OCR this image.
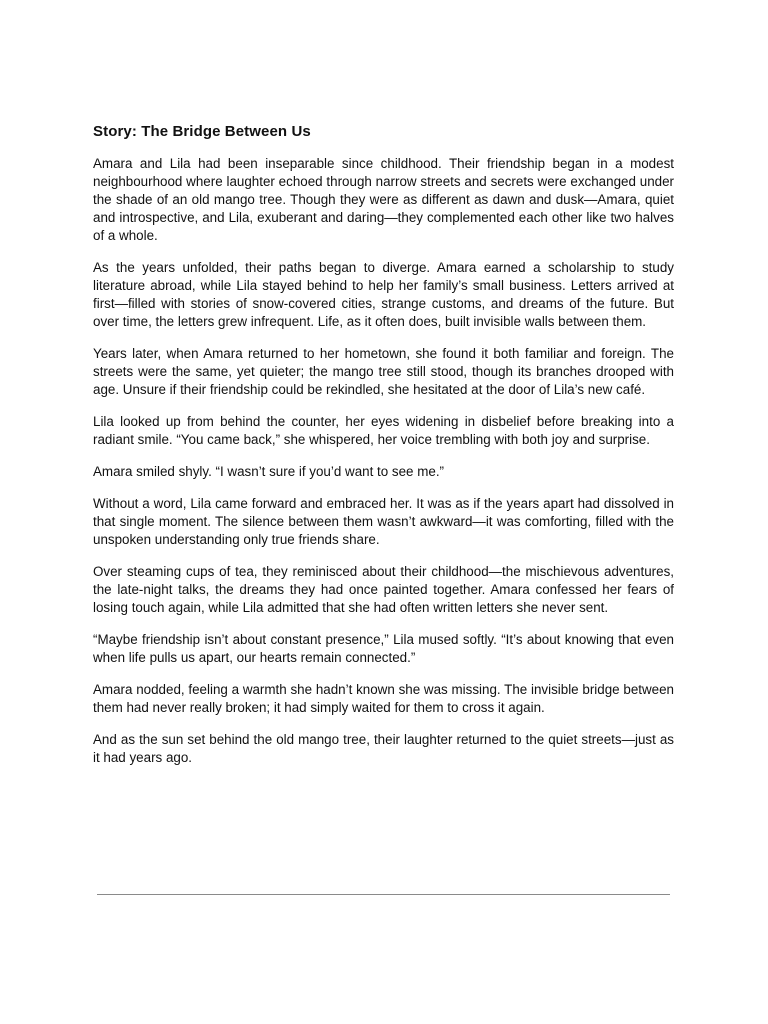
Story: The Bridge Between Us

Amara and Lila had been inseparable since childhood. Their friendship began in a modest neighbourhood where laughter echoed through narrow streets and secrets were exchanged under the shade of an old mango tree. Though they were as different as dawn and dusk—Amara, quiet and introspective, and Lila, exuberant and daring—they complemented each other like two halves of a whole.

As the years unfolded, their paths began to diverge. Amara earned a scholarship to study literature abroad, while Lila stayed behind to help her family’s small business. Letters arrived at first—filled with stories of snow-covered cities, strange customs, and dreams of the future. But over time, the letters grew infrequent. Life, as it often does, built invisible walls between them.

Years later, when Amara returned to her hometown, she found it both familiar and foreign. The streets were the same, yet quieter; the mango tree still stood, though its branches drooped with age. Unsure if their friendship could be rekindled, she hesitated at the door of Lila’s new café.

Lila looked up from behind the counter, her eyes widening in disbelief before breaking into a radiant smile. “You came back,” she whispered, her voice trembling with both joy and surprise.

Amara smiled shyly. “I wasn’t sure if you’d want to see me.”

Without a word, Lila came forward and embraced her. It was as if the years apart had dissolved in that single moment. The silence between them wasn’t awkward—it was comforting, filled with the unspoken understanding only true friends share.

Over steaming cups of tea, they reminisced about their childhood—the mischievous adventures, the late-night talks, the dreams they had once painted together. Amara confessed her fears of losing touch again, while Lila admitted that she had often written letters she never sent.

“Maybe friendship isn’t about constant presence,” Lila mused softly. “It’s about knowing that even when life pulls us apart, our hearts remain connected.”

Amara nodded, feeling a warmth she hadn’t known she was missing. The invisible bridge between them had never really broken; it had simply waited for them to cross it again.

And as the sun set behind the old mango tree, their laughter returned to the quiet streets—just as it had years ago.
